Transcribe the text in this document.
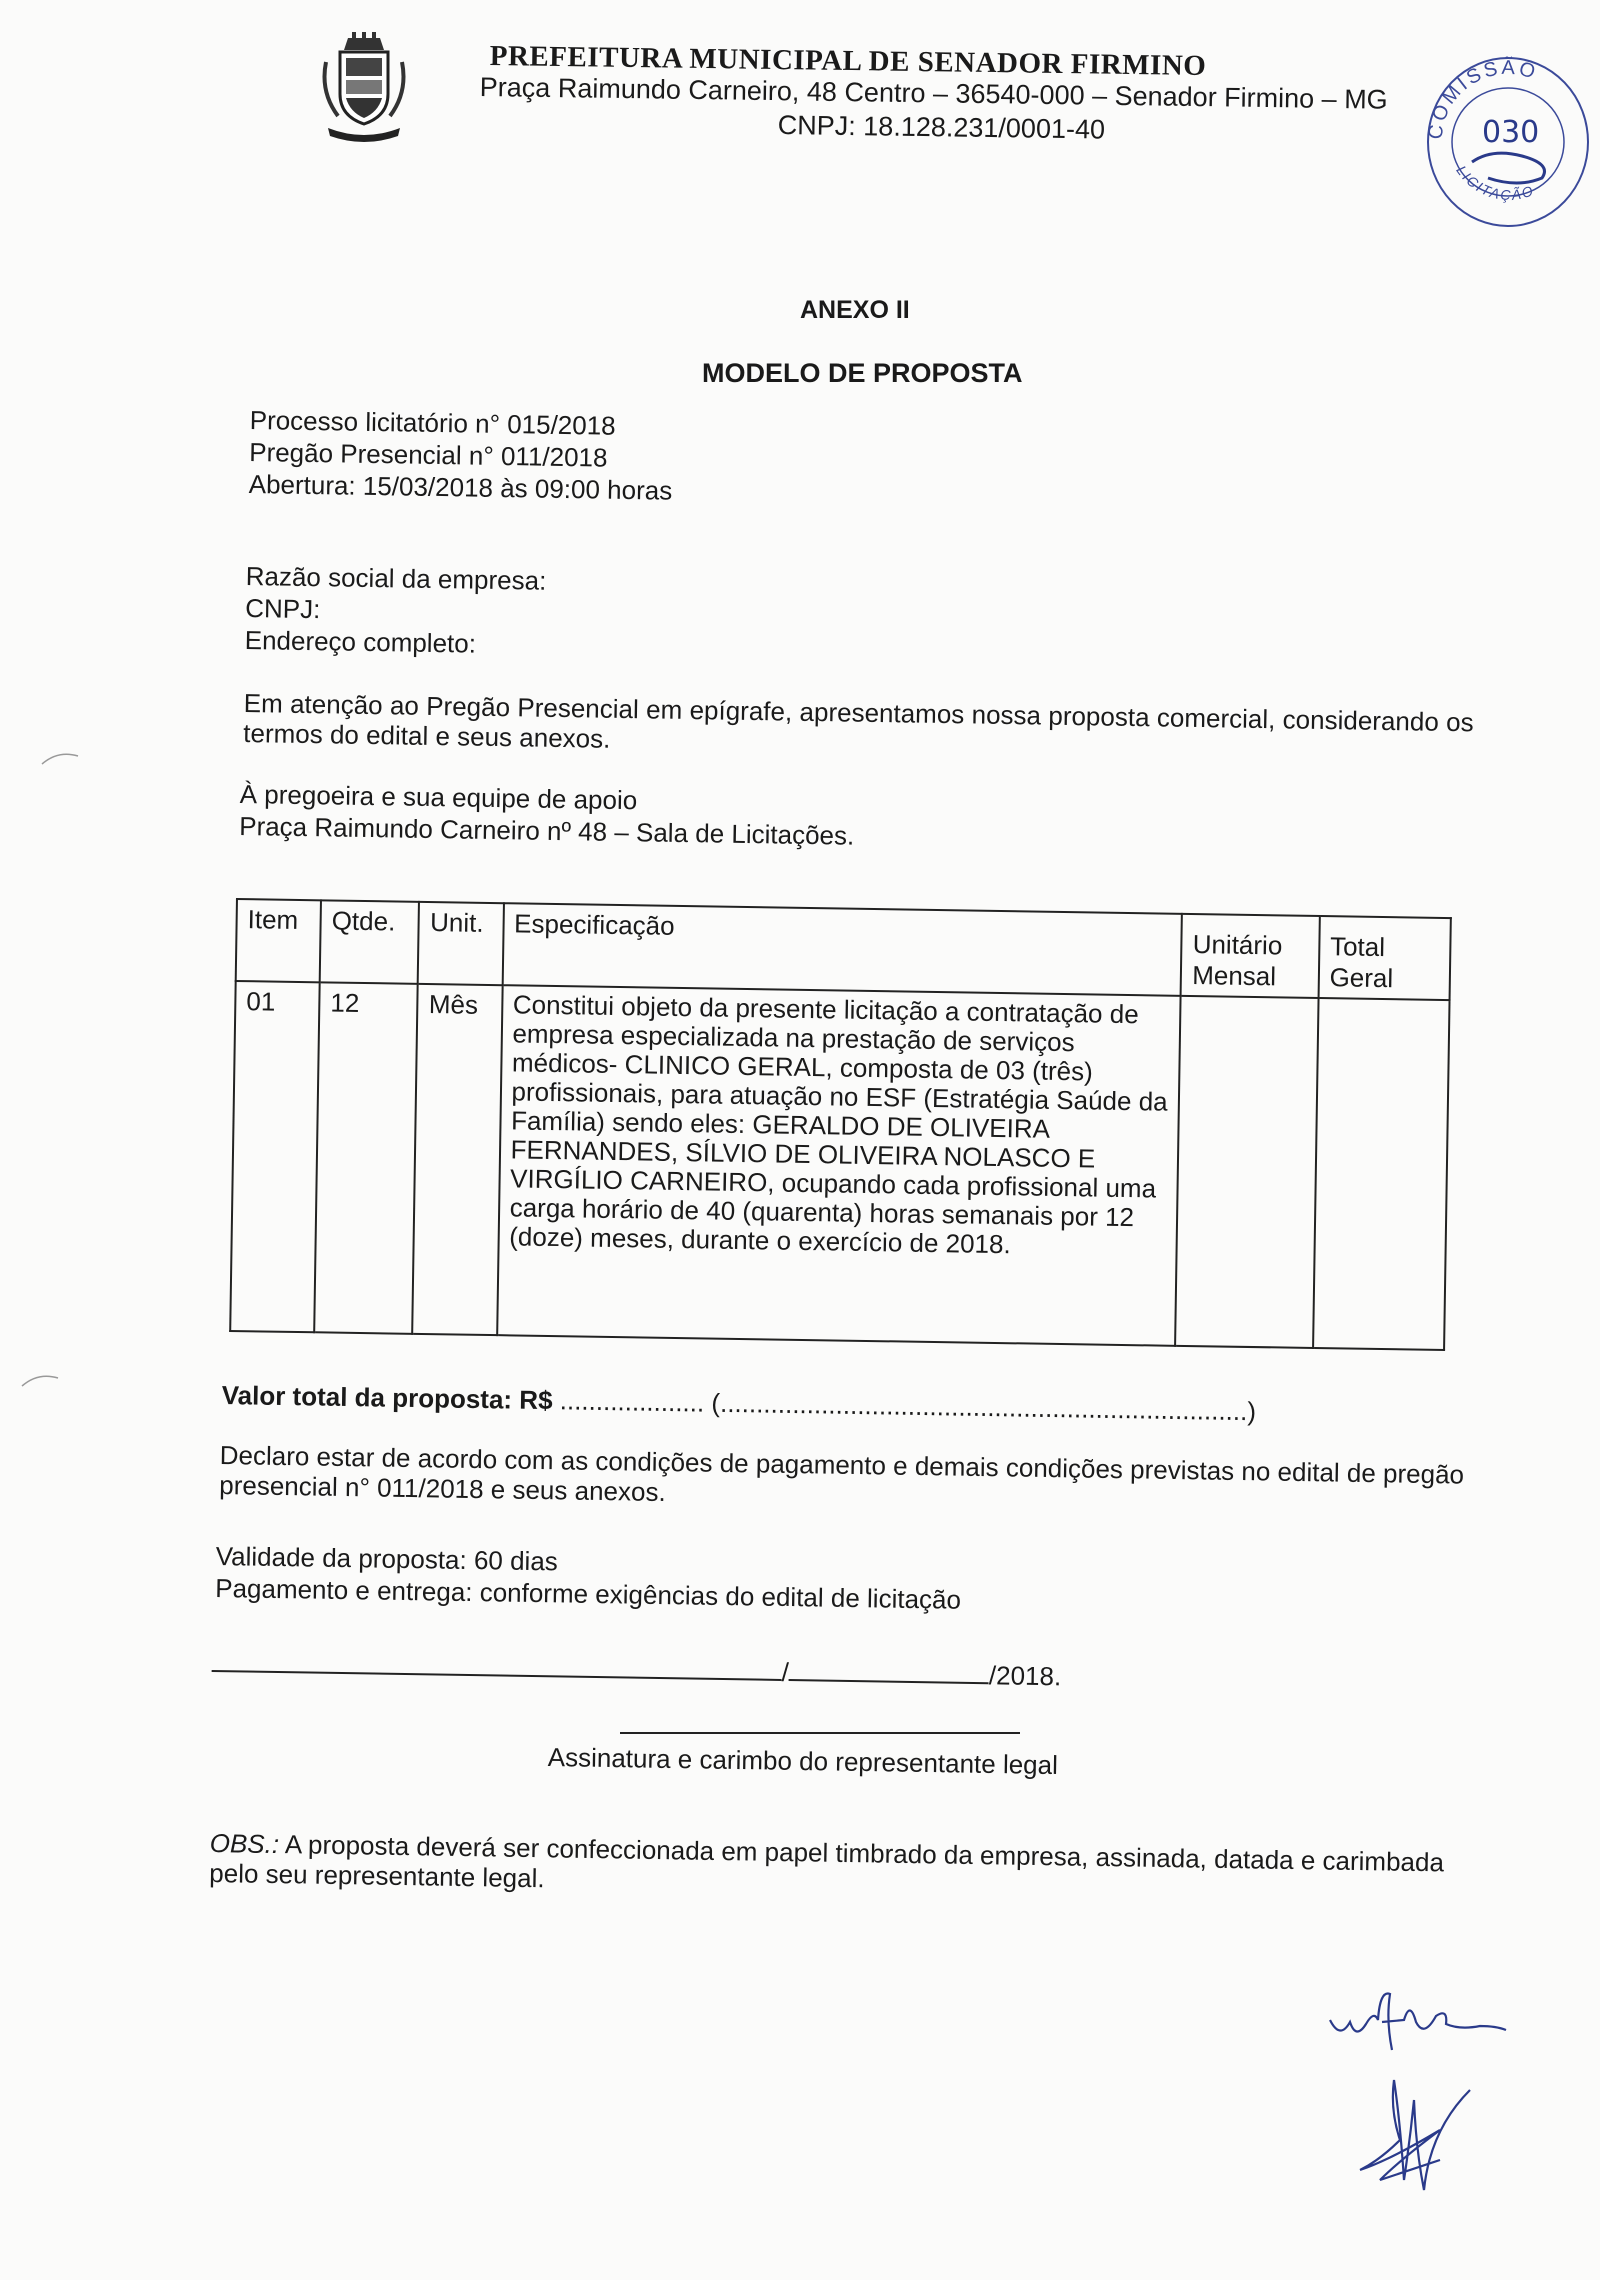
PREFEITURA MUNICIPAL DE SENADOR FIRMINO
Praça Raimundo Carneiro, 48 Centro – 36540-000 – Senador Firmino – MG
CNPJ: 18.128.231/0001-40	COMISSÃO
030
LICITAÇÃO
ANEXO II
MODELO DE PROPOSTA
Processo licitatório n° 015/2018
Pregão Presencial n° 011/2018
Abertura: 15/03/2018 às 09:00 horas
Razão social da empresa:
CNPJ:
Endereço completo:
Em atenção ao Pregão Presencial em epígrafe, apresentamos nossa proposta comercial, considerando os termos do edital e seus anexos.
À pregoeira e sua equipe de apoio
Praça Raimundo Carneiro nº 48 – Sala de Licitações.
Item	Qtde.	Unit.	Especificação	Unitário Mensal	Total Geral
01	12	Mês	Constitui objeto da presente licitação a contratação de empresa especializada na prestação de serviços médicos- CLINICO GERAL, composta de 03 (três) profissionais, para atuação no ESF (Estratégia Saúde da Família) sendo eles: GERALDO DE OLIVEIRA FERNANDES, SÍLVIO DE OLIVEIRA NOLASCO E VIRGÍLIO CARNEIRO, ocupando cada profissional uma carga horário de 40 (quarenta) horas semanais por 12 (doze) meses, durante o exercício de 2018.		
Valor total da proposta: R$ .................... (.........................................................................)
Declaro estar de acordo com as condições de pagamento e demais condições previstas no edital de pregão presencial n° 011/2018 e seus anexos.
Validade da proposta: 60 dias
Pagamento e entrega: conforme exigências do edital de licitação
/	/2018.
Assinatura e carimbo do representante legal
OBS.: A proposta deverá ser confeccionada em papel timbrado da empresa, assinada, datada e carimbada pelo seu representante legal.
